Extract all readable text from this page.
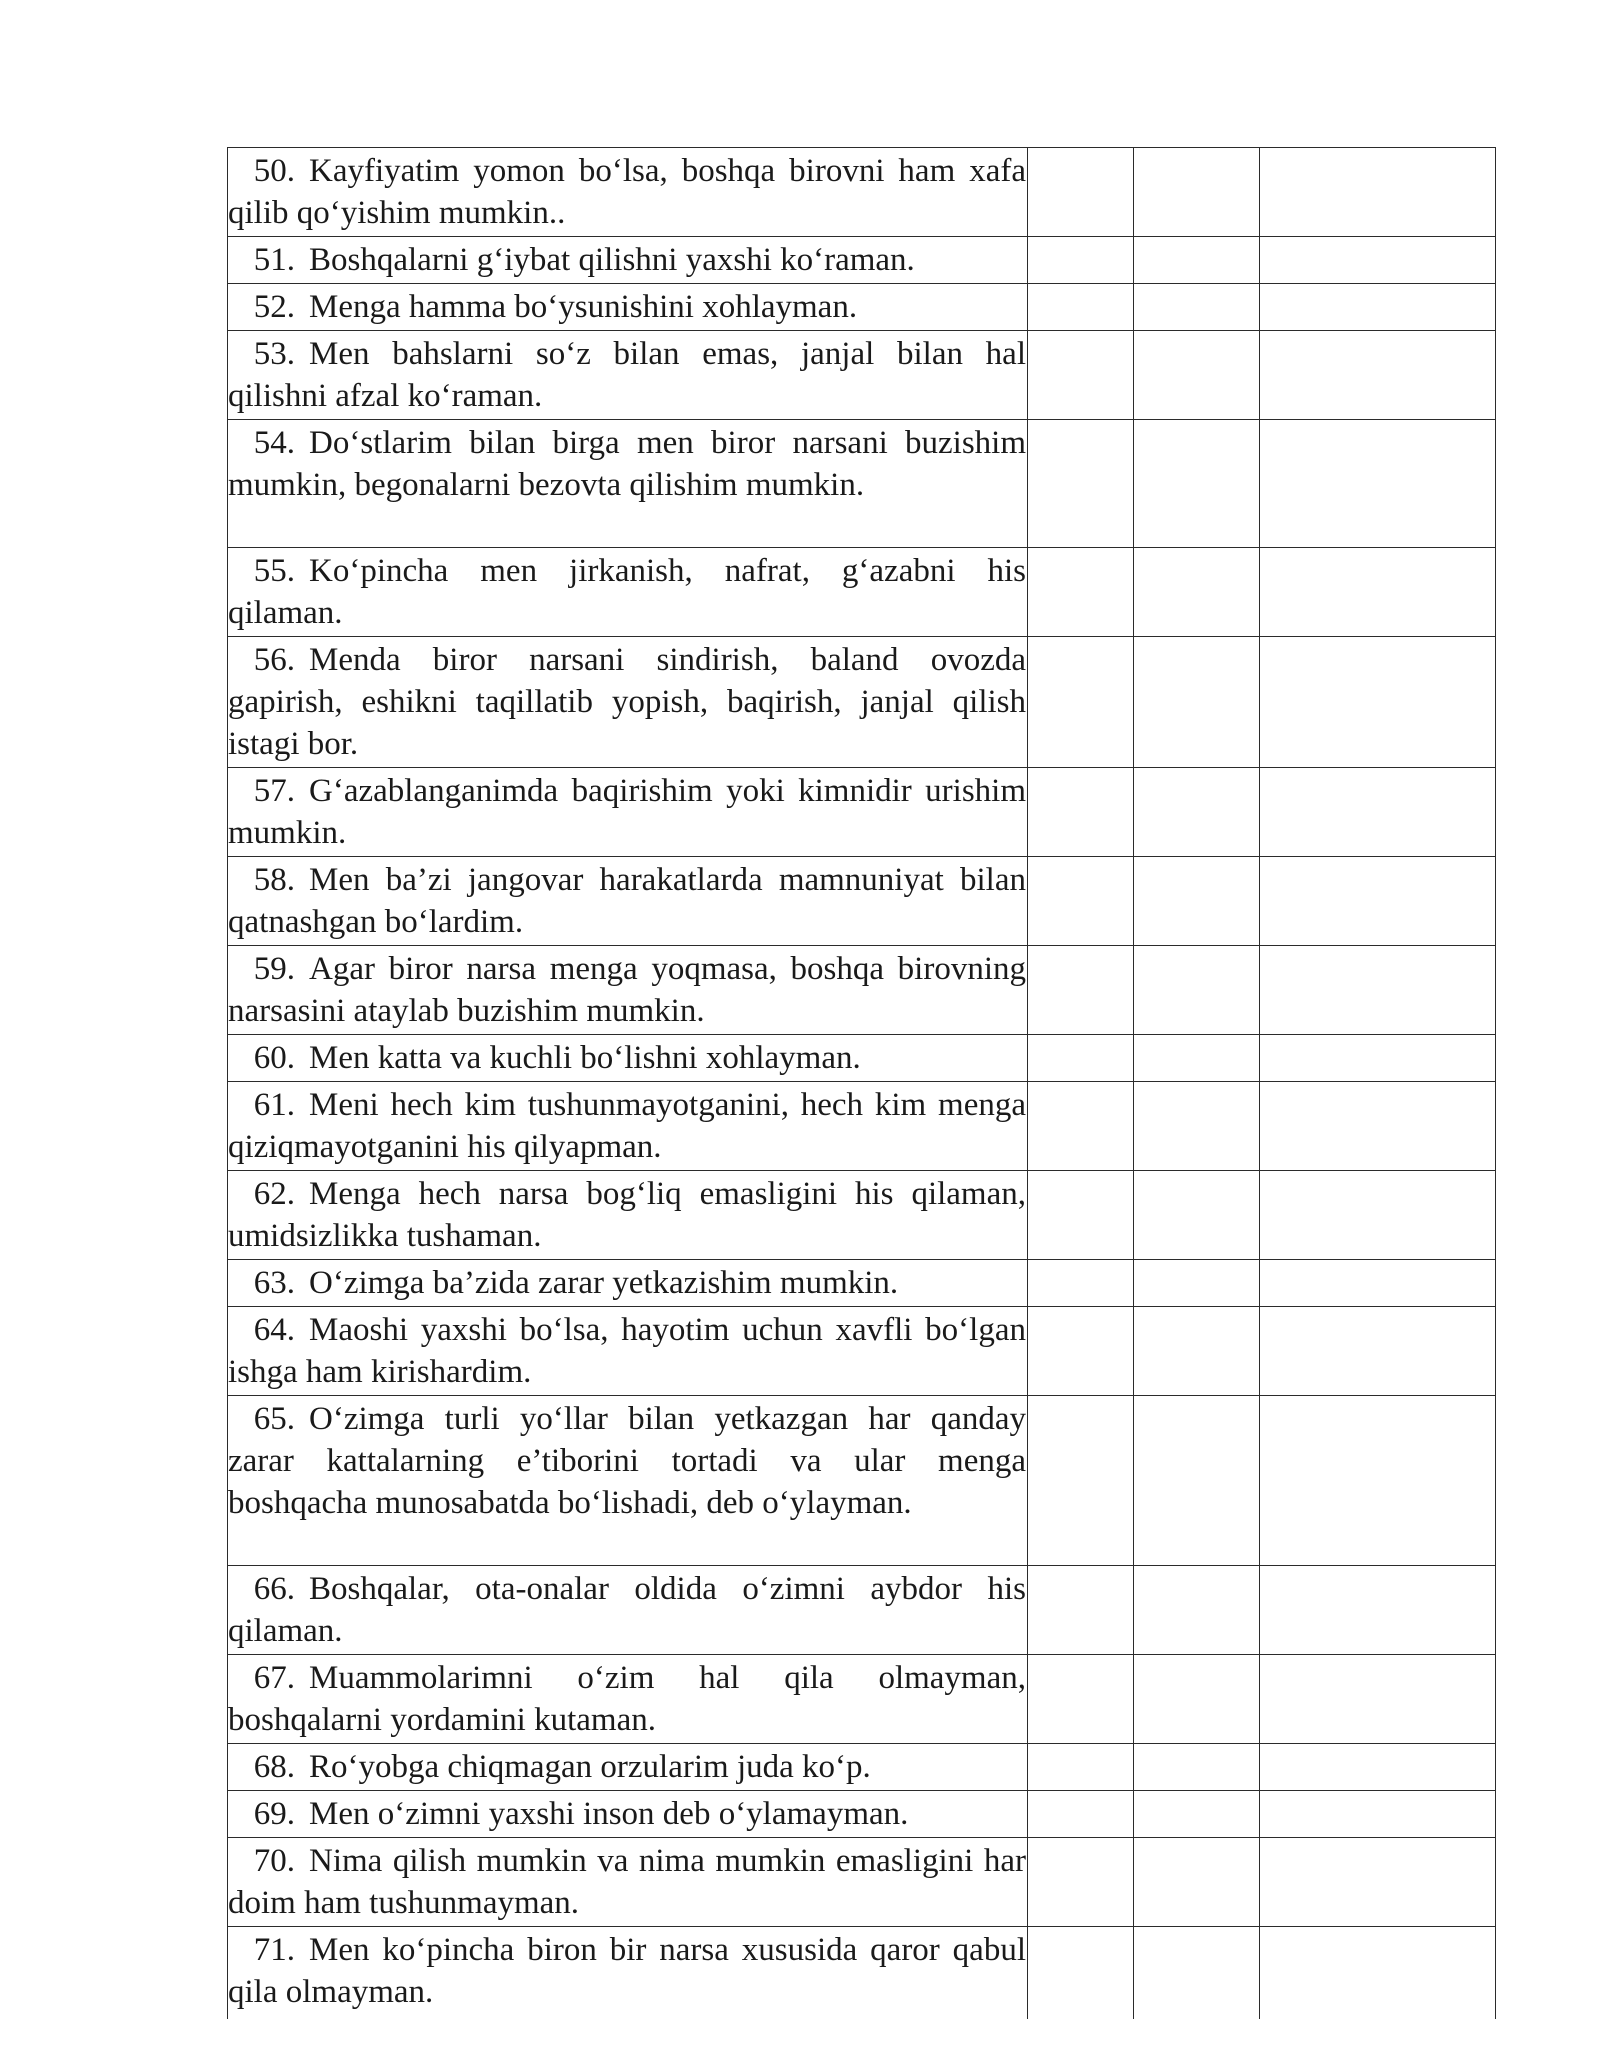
50. Kayfiyatim yomon bo‘lsa, boshqa birovni ham xafa qilib qo‘yishim mumkin..			

51. Boshqalarni g‘iybat qilishni yaxshi ko‘raman.			

52. Menga hamma bo‘ysunishini xohlayman.			

53. Men bahslarni so‘z bilan emas, janjal bilan hal qilishni afzal ko‘raman.			

54. Do‘stlarim bilan birga men biror narsani buzishim mumkin, begonalarni bezovta qilishim mumkin.			

55. Ko‘pincha men jirkanish, nafrat, g‘azabni his qilaman.			

56. Menda biror narsani sindirish, baland ovozda gapirish, eshikni taqillatib yopish, baqirish, janjal qilish istagi bor.			

57. G‘azablanganimda baqirishim yoki kimnidir urishim mumkin.			

58. Men ba’zi jangovar harakatlarda mamnuniyat bilan qatnashgan bo‘lardim.			

59. Agar biror narsa menga yoqmasa, boshqa birovning narsasini ataylab buzishim mumkin.			

60. Men katta va kuchli bo‘lishni xohlayman.			

61. Meni hech kim tushunmayotganini, hech kim menga qiziqmayotganini his qilyapman.			

62. Menga hech narsa bog‘liq emasligini his qilaman, umidsizlikka tushaman.			

63. O‘zimga ba’zida zarar yetkazishim mumkin.			

64. Maoshi yaxshi bo‘lsa, hayotim uchun xavfli bo‘lgan ishga ham kirishardim.			

65. O‘zimga turli yo‘llar bilan yetkazgan har qanday zarar kattalarning e’tiborini tortadi va ular menga boshqacha munosabatda bo‘lishadi, deb o‘ylayman.			

66. Boshqalar, ota-onalar oldida o‘zimni aybdor his qilaman.			

67. Muammolarimni o‘zim hal qila olmayman, boshqalarni yordamini kutaman.			

68. Ro‘yobga chiqmagan orzularim juda ko‘p.			

69. Men o‘zimni yaxshi inson deb o‘ylamayman.			

70. Nima qilish mumkin va nima mumkin emasligini har doim ham tushunmayman.			

71. Men ko‘pincha biron bir narsa xususida qaror qabul qila olmayman.			
